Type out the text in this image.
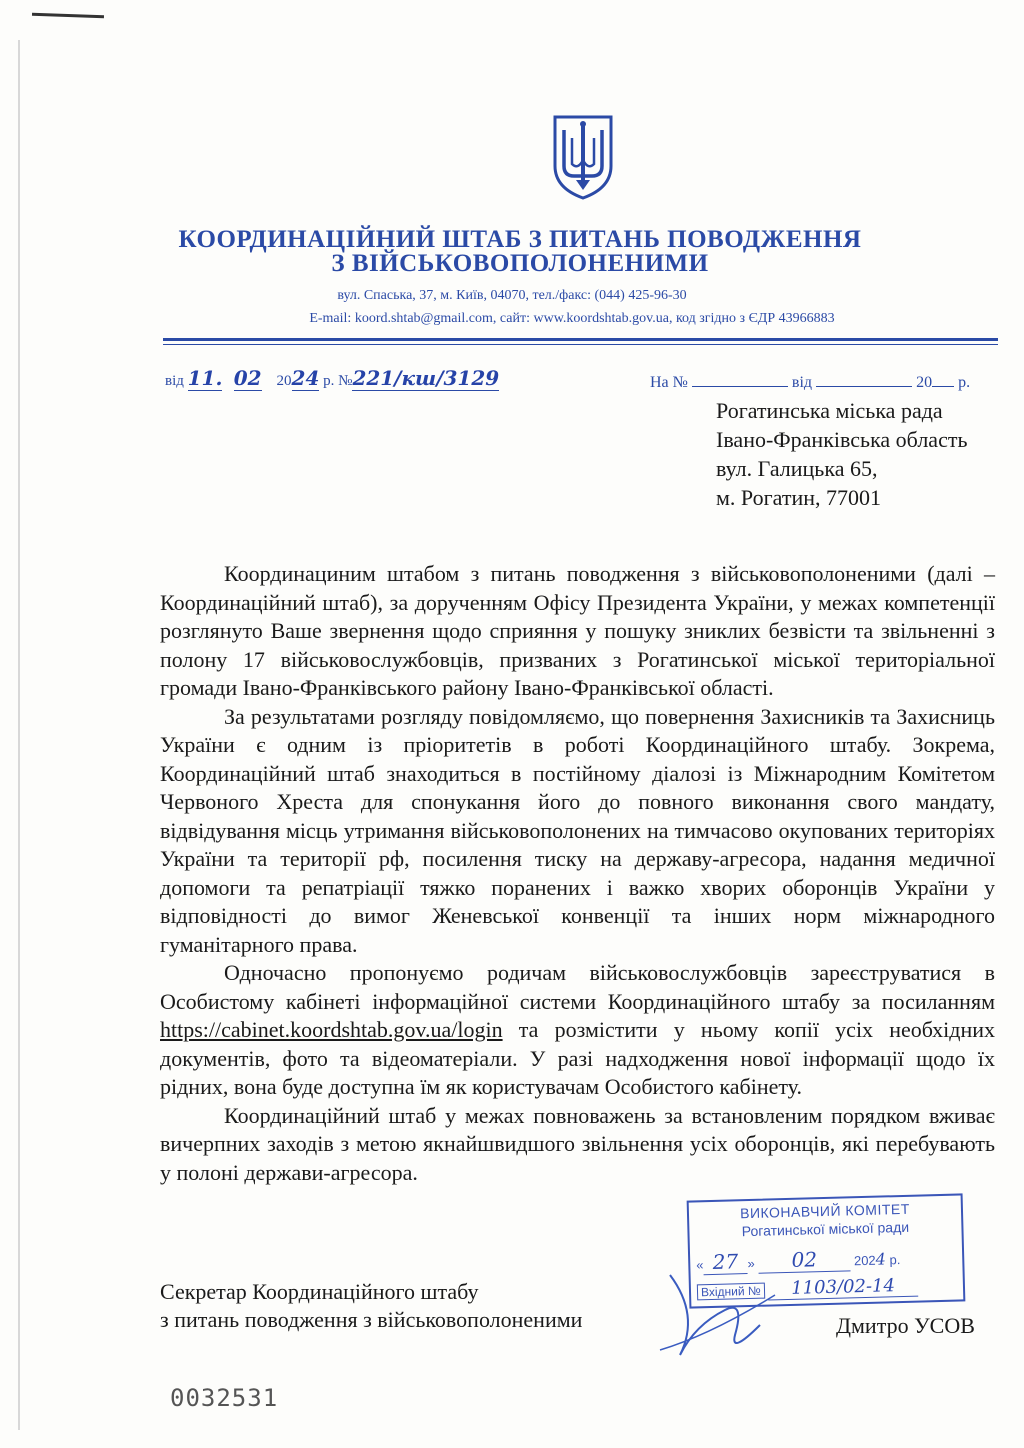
КООРДИНАЦІЙНИЙ ШТАБ З ПИТАНЬ ПОВОДЖЕННЯ
З ВІЙСЬКОВОПОЛОНЕНИМИ
вул. Спаська, 37, м. Київ, 04070, тел./факс: (044) 425-96-30
E-mail: koord.shtab@gmail.com, сайт: www.koordshtab.gov.ua, код згідно з ЄДР 43966883
від 11. 02 2024 р. №221/кш/3129	На №	від	20 р.
Рогатинська міська рада
Івано-Франківська область
вул. Галицька 65,
м. Рогатин, 77001

Координациним штабом з питань поводження з військовополоненими (далі – Координаційний штаб), за дорученням Офісу Президента України, у межах компетенції розглянуто Ваше звернення щодо сприяння у пошуку зниклих безвісти та звільненні з полону 17 військовослужбовців, призваних з Рогатинської міської територіальної громади Івано-Франківського району Івано-Франківської області.

За результатами розгляду повідомляємо, що повернення Захисників та Захисниць України є одним із пріоритетів в роботі Координаційного штабу. Зокрема, Координаційний штаб знаходиться в постійному діалозі із Міжнародним Комітетом Червоного Хреста для спонукання його до повного виконання свого мандату, відвідування місць утримання військовополонених на тимчасово окупованих територіях України та території рф, посилення тиску на державу-агресора, надання медичної допомоги та репатріації тяжко поранених і важко хворих оборонців України у відповідності до вимог Женевської конвенції та інших норм міжнародного гуманітарного права.

Одночасно пропонуємо родичам військовослужбовців зареєструватися в Особистому кабінеті інформаційної системи Координаційного штабу за посиланням https://cabinet.koordshtab.gov.ua/login та розмістити у ньому копії усіх необхідних документів, фото та відеоматеріали. У разі надходження нової інформації щодо їх рідних, вона буде доступна їм як користувачам Особистого кабінету.

Координаційний штаб у межах повноважень за встановленим порядком вживає вичерпних заходів з метою якнайшвидшого звільнення усіх оборонців, які перебувають у полоні держави-агресора.

ВИКОНАВЧИЙ КОМІТЕТ
Рогатинської міської ради
« 27 » 02	2024 р.
Вхідний № 1103/02-14
Секретар Координаційного штабу
з питань поводження з військовополоненими	Дмитро УСОВ
0032531
